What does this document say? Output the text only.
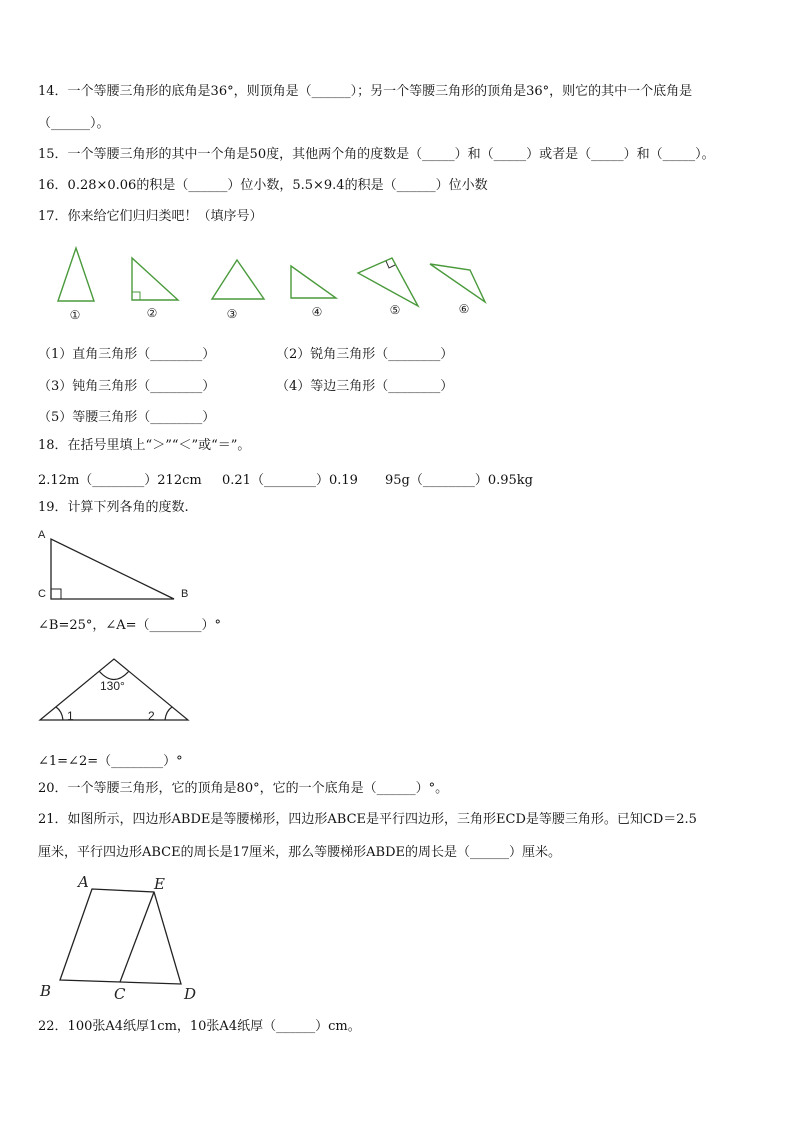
14．一个等腰三角形的底角是36°，则顶角是（______）；另一个等腰三角形的顶角是36°，则它的其中一个底角是
（______）。
15．一个等腰三角形的其中一个角是50度，其他两个角的度数是（_____）和（_____）或者是（_____）和（_____）。
16．0.28×0.06的积是（______）位小数，5.5×9.4的积是（______）位小数
17．你来给它们归归类吧！（填序号）
①	②	③	④	⑤	⑥
（1）直角三角形（________）	（2）锐角三角形（________）
（3）钝角三角形（________）	（4）等边三角形（________）
（5）等腰三角形（________）
18．在括号里填上“＞”“＜”或“＝”。
2.12m（________）212cm 0.21（________）0.19 95g（________）0.95kg
19．计算下列各角的度数.
A
C	B
∠B=25°，∠A=（________）°
130°
1	2
∠1=∠2=（________）°
20．一个等腰三角形，它的顶角是80°，它的一个底角是（______）°。
21．如图所示，四边形ABDE是等腰梯形，四边形ABCE是平行四边形，三角形ECD是等腰三角形。已知CD＝2.5
厘米，平行四边形ABCE的周长是17厘米，那么等腰梯形ABDE的周长是（______）厘米。
A	E
B	C	D
22．100张A4纸厚1cm，10张A4纸厚（______）cm。
